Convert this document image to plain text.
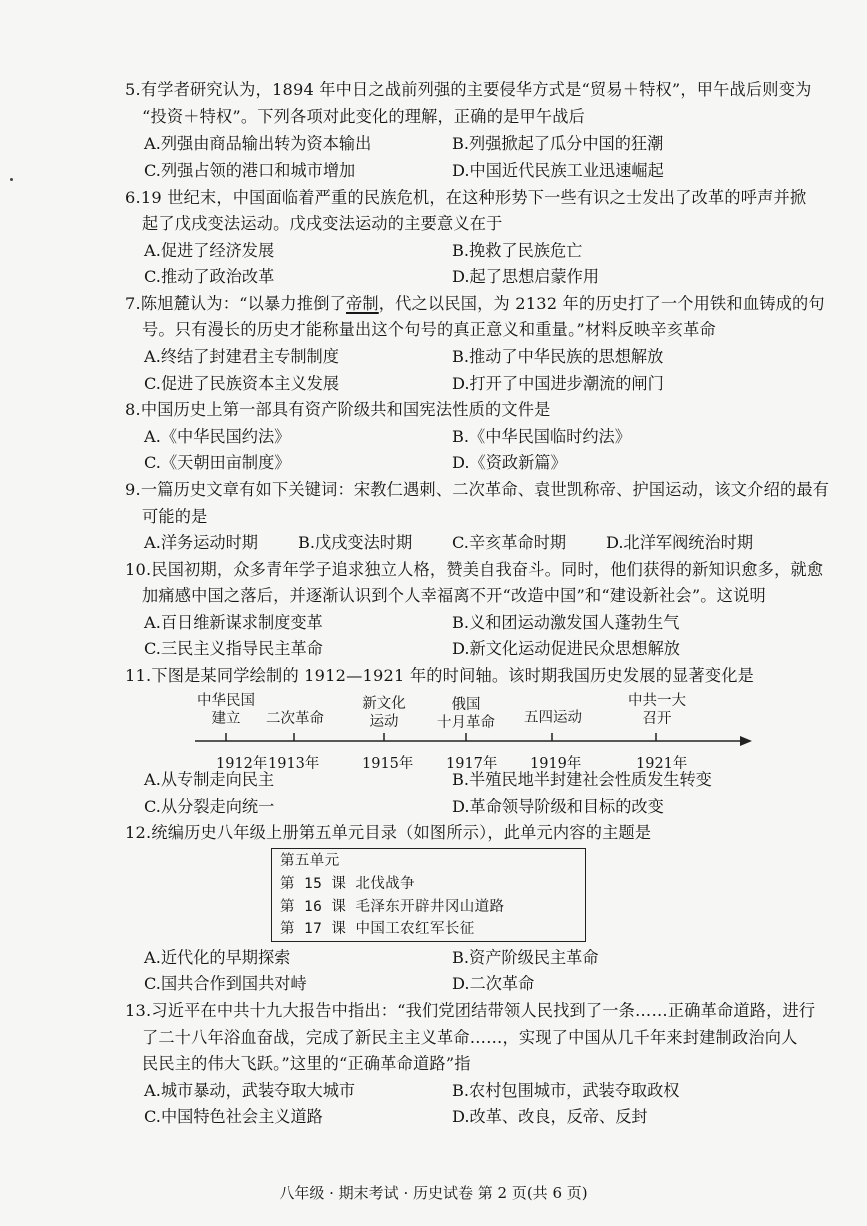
5.有学者研究认为，1894 年中日之战前列强的主要侵华方式是“贸易＋特权”，甲午战后则变为
“投资＋特权”。下列各项对此变化的理解，正确的是甲午战后
A.列强由商品输出转为资本输出	B.列强掀起了瓜分中国的狂潮
C.列强占领的港口和城市增加	D.中国近代民族工业迅速崛起
6.19 世纪末，中国面临着严重的民族危机，在这种形势下一些有识之士发出了改革的呼声并掀
起了戊戌变法运动。戊戌变法运动的主要意义在于
A.促进了经济发展	B.挽救了民族危亡
C.推动了政治改革	D.起了思想启蒙作用
7.陈旭麓认为：“以暴力推倒了帝制，代之以民国，为 2132 年的历史打了一个用铁和血铸成的句
号。只有漫长的历史才能称量出这个句号的真正意义和重量。”材料反映辛亥革命
A.终结了封建君主专制制度	B.推动了中华民族的思想解放
C.促进了民族资本主义发展	D.打开了中国进步潮流的闸门
8.中国历史上第一部具有资产阶级共和国宪法性质的文件是
A.《中华民国约法》	B.《中华民国临时约法》
C.《天朝田亩制度》	D.《资政新篇》
9.一篇历史文章有如下关键词：宋教仁遇刺、二次革命、袁世凯称帝、护国运动，该文介绍的最有
可能的是
A.洋务运动时期 B.戊戌变法时期 C.辛亥革命时期 D.北洋军阀统治时期
10.民国初期，众多青年学子追求独立人格，赞美自我奋斗。同时，他们获得的新知识愈多，就愈
加痛感中国之落后，并逐渐认识到个人幸福离不开“改造中国”和“建设新社会”。这说明
A.百日维新谋求制度变革	B.义和团运动激发国人蓬勃生气
C.三民主义指导民主革命	D.新文化运动促进民众思想解放
11.下图是某同学绘制的 1912—1921 年的时间轴。该时期我国历史发展的显著变化是
中华民国
建立	二次革命
新文化
运动
俄国
十月革命	五四运动
中共一大
召开
1912年 1913年	1915年 1917年 1919年	1921年
A.从专制走向民主	B.半殖民地半封建社会性质发生转变
C.从分裂走向统一	D.革命领导阶级和目标的改变
12.统编历史八年级上册第五单元目录（如图所示），此单元内容的主题是
第五单元
第 15 课 北伐战争
第 16 课 毛泽东开辟井冈山道路
第 17 课 中国工农红军长征
A.近代化的早期探索	B.资产阶级民主革命
C.国共合作到国共对峙	D.二次革命
13.习近平在中共十九大报告中指出：“我们党团结带领人民找到了一条……正确革命道路，进行
了二十八年浴血奋战，完成了新民主主义革命……，实现了中国从几千年来封建制政治向人
民民主的伟大飞跃。”这里的“正确革命道路”指
A.城市暴动，武装夺取大城市	B.农村包围城市，武装夺取政权
C.中国特色社会主义道路	D.改革、改良，反帝、反封
八年级 · 期末考试 · 历史试卷 第 2 页(共 6 页)
